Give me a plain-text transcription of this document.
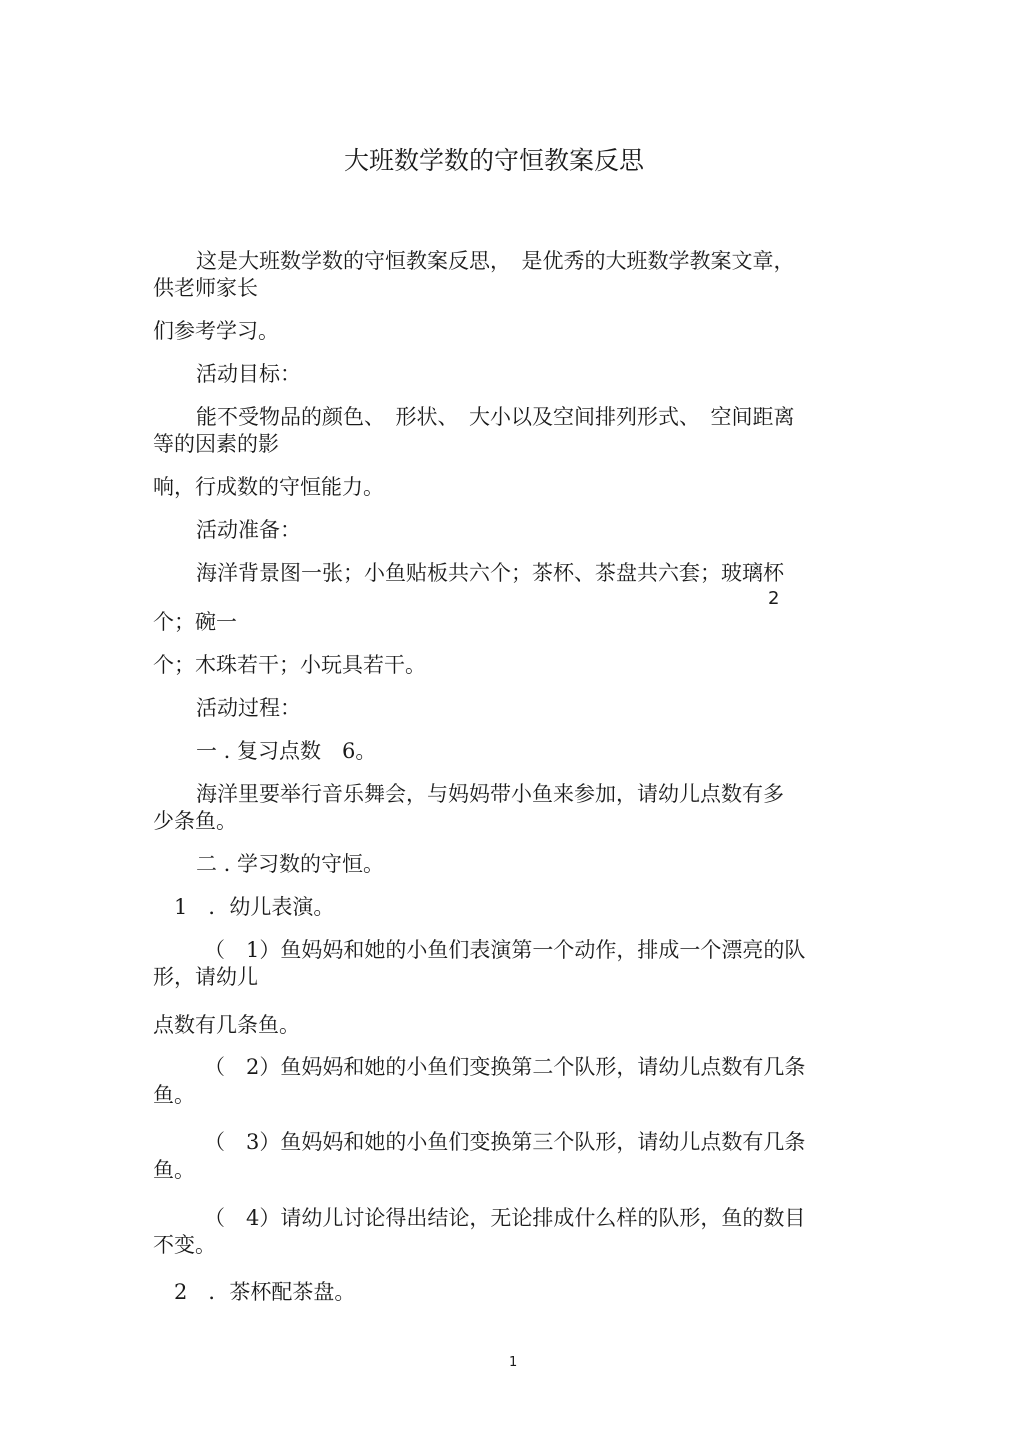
大班数学数的守恒教案反思
这是大班数学数的守恒教案反思，　是优秀的大班数学教案文章，
供老师家长
们参考学习。
活动目标：
能不受物品的颜色、　形状、　大小以及空间排列形式、　空间距离
等的因素的影
响，行成数的守恒能力。
活动准备：
海洋背景图一张；小鱼贴板共六个；茶杯、茶盘共六套；玻璃杯
2
个；碗一
个；木珠若干；小玩具若干。
活动过程：
一 . 复习点数　6。
海洋里要举行音乐舞会，与妈妈带小鱼来参加，请幼儿点数有多
少条鱼。
二 . 学习数的守恒。
1　．幼儿表演。
（　1）鱼妈妈和她的小鱼们表演第一个动作，排成一个漂亮的队
形，请幼儿
点数有几条鱼。
（　2）鱼妈妈和她的小鱼们变换第二个队形，请幼儿点数有几条
鱼。
（　3）鱼妈妈和她的小鱼们变换第三个队形，请幼儿点数有几条
鱼。
（　4）请幼儿讨论得出结论，无论排成什么样的队形，鱼的数目
不变。
2　．茶杯配茶盘。
1
